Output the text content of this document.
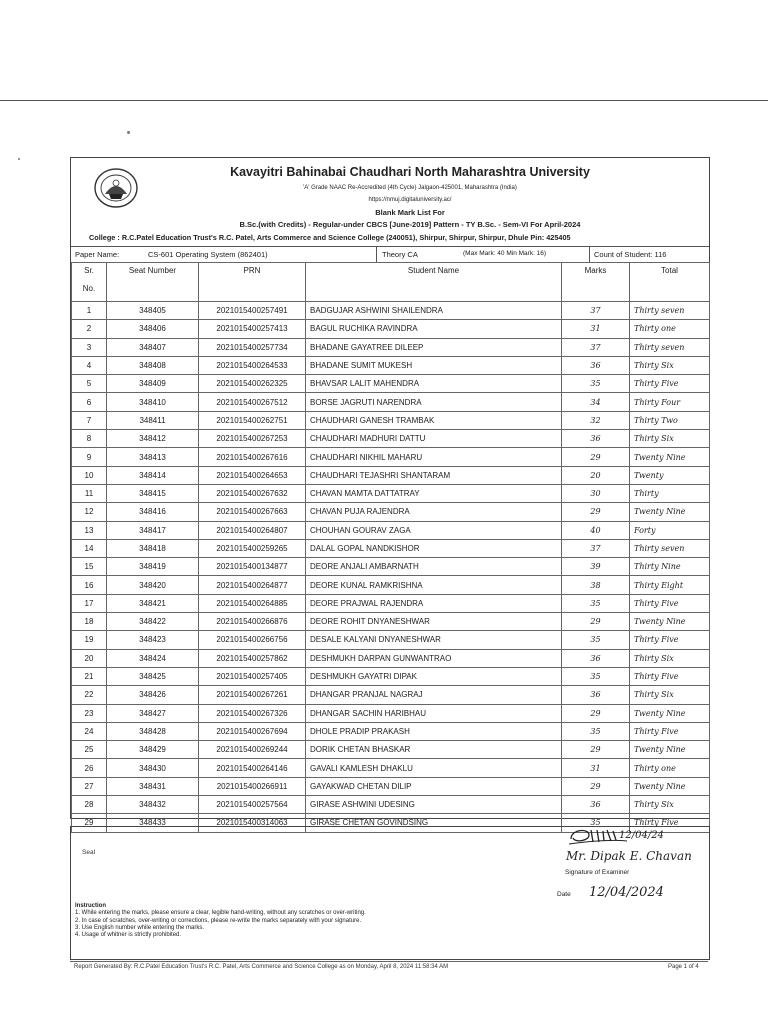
Kavayitri Bahinabai Chaudhari North Maharashtra University
'A' Grade NAAC Re-Accredited (4th Cycle) Jalgaon-425001, Maharashtra (India)
https://nmuj.digitaluniversity.ac/
Blank Mark List For
B.Sc.(with Credits) - Regular-under CBCS [June-2019] Pattern - TY B.Sc. - Sem-VI For April-2024
College : R.C.Patel Education Trust's R.C. Patel, Arts Commerce and Science College (240051), Shirpur, Shirpur, Shirpur, Dhule Pin: 425405
Paper Name:	CS-601 Operating System (862401)	Theory CA	(Max Mark: 40 Min Mark: 16)	Count of Student: 116
Sr.
No.	Seat Number	PRN	Student Name	Marks	Total
1	348405	2021015400257491	BADGUJAR ASHWINI SHAILENDRA	37	Thirty seven
2	348406	2021015400257413	BAGUL RUCHIKA RAVINDRA	31	Thirty one
3	348407	2021015400257734	BHADANE GAYATREE DILEEP	37	Thirty seven
4	348408	2021015400264533	BHADANE SUMIT MUKESH	36	Thirty Six
5	348409	2021015400262325	BHAVSAR LALIT MAHENDRA	35	Thirty Five
6	348410	2021015400267512	BORSE JAGRUTI NARENDRA	34	Thirty Four
7	348411	2021015400262751	CHAUDHARI GANESH TRAMBAK	32	Thirty Two
8	348412	2021015400267253	CHAUDHARI MADHURI DATTU	36	Thirty Six
9	348413	2021015400267616	CHAUDHARI NIKHIL MAHARU	29	Twenty Nine
10	348414	2021015400264653	CHAUDHARI TEJASHRI SHANTARAM	20	Twenty
11	348415	2021015400267632	CHAVAN MAMTA DATTATRAY	30	Thirty
12	348416	2021015400267663	CHAVAN PUJA RAJENDRA	29	Twenty Nine
13	348417	2021015400264807	CHOUHAN GOURAV ZAGA	40	Forty
14	348418	2021015400259265	DALAL GOPAL NANDKISHOR	37	Thirty seven
15	348419	2021015400134877	DEORE ANJALI AMBARNATH	39	Thirty Nine
16	348420	2021015400264877	DEORE KUNAL RAMKRISHNA	38	Thirty Eight
17	348421	2021015400264885	DEORE PRAJWAL RAJENDRA	35	Thirty Five
18	348422	2021015400266876	DEORE ROHIT DNYANESHWAR	29	Twenty Nine
19	348423	2021015400266756	DESALE KALYANI DNYANESHWAR	35	Thirty Five
20	348424	2021015400257862	DESHMUKH DARPAN GUNWANTRAO	36	Thirty Six
21	348425	2021015400257405	DESHMUKH GAYATRI DIPAK	35	Thirty Five
22	348426	2021015400267261	DHANGAR PRANJAL NAGRAJ	36	Thirty Six
23	348427	2021015400267326	DHANGAR SACHIN HARIBHAU	29	Twenty Nine
24	348428	2021015400267694	DHOLE PRADIP PRAKASH	35	Thirty Five
25	348429	2021015400269244	DORIK CHETAN BHASKAR	29	Twenty Nine
26	348430	2021015400264146	GAVALI KAMLESH DHAKLU	31	Thirty one
27	348431	2021015400266911	GAYAKWAD CHETAN DILIP	29	Twenty Nine
28	348432	2021015400257564	GIRASE ASHWINI UDESING	36	Thirty Six
29	348433	2021015400314063	GIRASE CHETAN GOVINDSING	35	Thirty Five
Seal
12/04/24
Mr. Dipak E. Chavan
Signature of Examiner
Date 12/04/2024
Instruction
1. While entering the marks, please ensure a clear, legible hand-writing, without any scratches or over-writing.
2. In case of scratches, over-writing or corrections, please re-write the marks separately with your signature.
3. Use English number while entering the marks.
4. Usage of whitner is strictly prohibited.
Report Generated By: R.C.Patel Education Trust's R.C. Patel, Arts Commerce and Science College as on Monday, April 8, 2024 11:58:34 AM	Page 1 of 4
